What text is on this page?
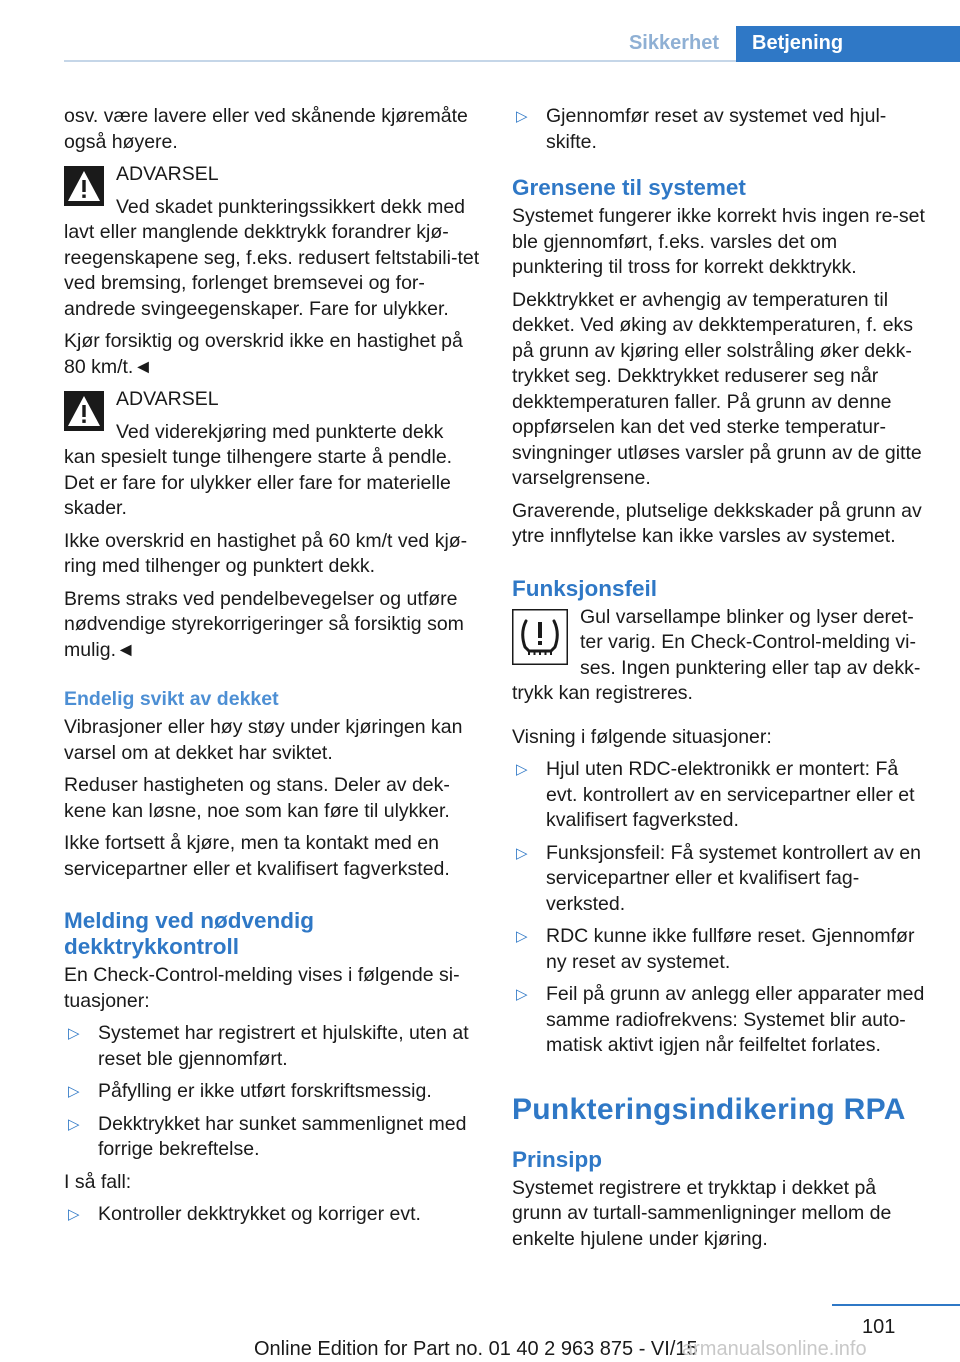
Sikkerhet	Betjening

osv. være lavere eller ved skånende kjøremåte også høyere.

ADVARSEL

Ved skadet punkteringssikkert dekk med lavt eller manglende dekktrykk forandrer kjø-reegenskapene seg, f.eks. redusert feltstabili-tet ved bremsing, forlenget bremsevei og for-andrede svingeegenskaper. Fare for ulykker.

Kjør forsiktig og overskrid ikke en hastighet på 80 km/t.◄

ADVARSEL

Ved viderekjøring med punkterte dekk kan spesielt tunge tilhengere starte å pendle. Det er fare for ulykker eller fare for materielle skader.

Ikke overskrid en hastighet på 60 km/t ved kjø-ring med tilhenger og punktert dekk.

Brems straks ved pendelbevegelser og utføre nødvendige styrekorrigeringer så forsiktig som mulig.◄

Endelig svikt av dekket

Vibrasjoner eller høy støy under kjøringen kan varsel om at dekket har sviktet.

Reduser hastigheten og stans. Deler av dek-kene kan løsne, noe som kan føre til ulykker.

Ikke fortsett å kjøre, men ta kontakt med en servicepartner eller et kvalifisert fagverksted.

Melding ved nødvendig dekktrykkontroll

En Check-Control-melding vises i følgende si-tuasjoner:

▷ Systemet har registrert et hjulskifte, uten at reset ble gjennomført.
▷ Påfylling er ikke utført forskriftsmessig.
▷ Dekktrykket har sunket sammenlignet med forrige bekreftelse.

I så fall:

▷ Kontroller dekktrykket og korriger evt.
▷ Gjennomfør reset av systemet ved hjul-skifte.
Grensene til systemet

Systemet fungerer ikke korrekt hvis ingen re-set ble gjennomført, f.eks. varsles det om punktering til tross for korrekt dekktrykk.

Dekktrykket er avhengig av temperaturen til dekket. Ved øking av dekktemperaturen, f. eks på grunn av kjøring eller solstråling øker dekk-trykket seg. Dekktrykket reduserer seg når dekktemperaturen faller. På grunn av denne oppførselen kan det ved sterke temperatur-svingninger utløses varsler på grunn av de gitte varselgrensene.

Graverende, plutselige dekkskader på grunn av ytre innflytelse kan ikke varsles av systemet.

Funksjonsfeil

Gul varsellampe blinker og lyser deret-ter varig. En Check-Control-melding vi-ses. Ingen punktering eller tap av dekk-trykk kan registreres.

Visning i følgende situasjoner:

▷ Hjul uten RDC-elektronikk er montert: Få evt. kontrollert av en servicepartner eller et kvalifisert fagverksted.
▷ Funksjonsfeil: Få systemet kontrollert av en servicepartner eller et kvalifisert fag-verksted.
▷ RDC kunne ikke fullføre reset. Gjennomfør ny reset av systemet.
▷ Feil på grunn av anlegg eller apparater med samme radiofrekvens: Systemet blir auto-matisk aktivt igjen når feilfeltet forlates.
Punkteringsindikering RPA
Prinsipp

Systemet registrere et trykktap i dekket på grunn av turtall-sammenligninger mellom de enkelte hjulene under kjøring.

101
Online Edition for Part no. 01 40 2 963 875 - VI/15
armanualsonline.info
